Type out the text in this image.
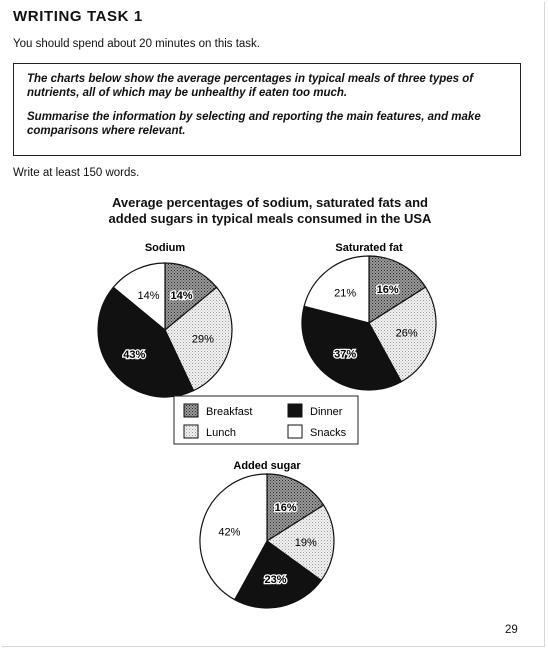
WRITING TASK 1
You should spend about 20 minutes on this task.

The charts below show the average percentages in typical meals of three types of nutrients, all of which may be unhealthy if eaten too much.

Summarise the information by selecting and reporting the main features, and make comparisons where relevant.

Write at least 150 words.
Average percentages of sodium, saturated fats and
added sugars in typical meals consumed in the USA
Sodium
14%
29%
43%
14%
Saturated fat
16%
26%
37%
21%
Added sugar
16%
19%
23%
42%
Breakfast	Dinner
Lunch	Snacks
29
